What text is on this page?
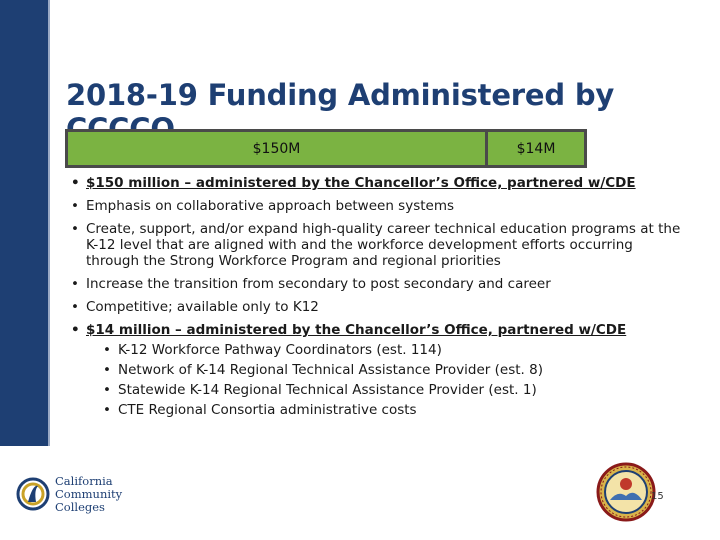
2018-19 Funding Administered by
$150M	$14M
• $150 million – administered by the Chancellor’s Office, partnered w/CDE
• Emphasis on collaborative approach between systems
• Create, support, and/or expand high-quality career technical education programs at the K-12 level that are aligned with and the workforce development efforts occurring through the Strong Workforce Program and regional priorities
• Increase the transition from secondary to post secondary and career
• Competitive; available only to K12
• $14 million – administered by the Chancellor’s Office, partnered w/CDE
• K-12 Workforce Pathway Coordinators (est. 114)
• Network of K-14 Regional Technical Assistance Provider (est. 8)
• Statewide K-14 Regional Technical Assistance Provider (est. 1)
• CTE Regional Consortia administrative costs
California
Community
Colleges
15
